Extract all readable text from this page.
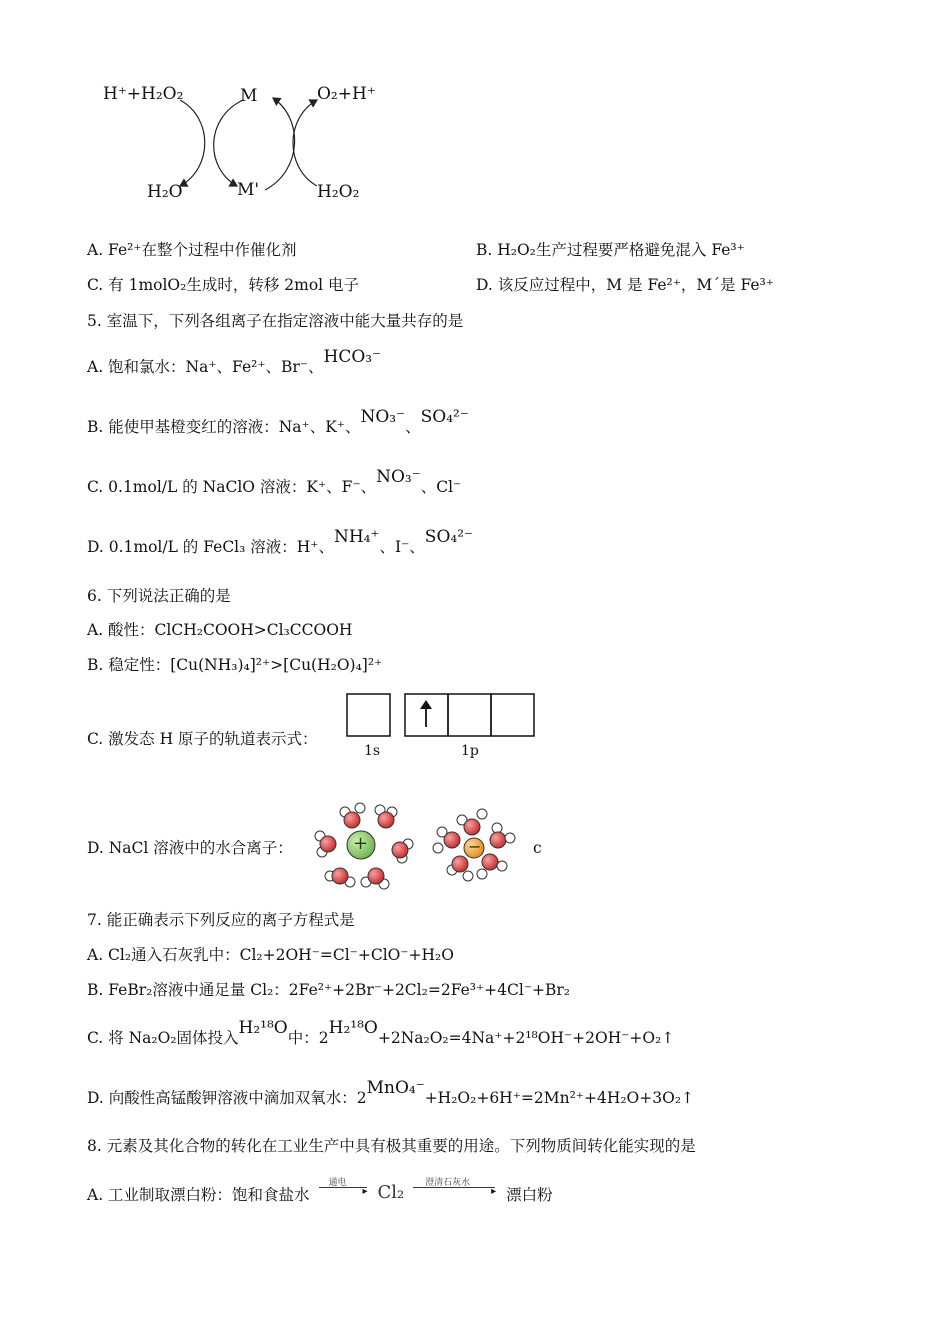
H⁺+H₂O₂	M	O₂+H⁺
H₂O	M'	H₂O₂
A. Fe²⁺在整个过程中作催化剂	B. H₂O₂生产过程要严格避免混入 Fe³⁺
C. 有 1molO₂生成时，转移 2mol 电子	D. 该反应过程中，M 是 Fe²⁺，M´是 Fe³⁺
5. 室温下，下列各组离子在指定溶液中能大量共存的是
A. 饱和氯水：Na⁺、Fe²⁺、Br⁻、HCO₃⁻
B. 能使甲基橙变红的溶液：Na⁺、K⁺、NO₃⁻、SO₄²⁻
C. 0.1mol/L 的 NaClO 溶液：K⁺、F⁻、NO₃⁻、Cl⁻
D. 0.1mol/L 的 FeCl₃ 溶液：H⁺、NH₄⁺、I⁻、SO₄²⁻
6. 下列说法正确的是
A. 酸性：ClCH₂COOH>Cl₃CCOOH
B. 稳定性：[Cu(NH₃)₄]²⁺>[Cu(H₂O)₄]²⁺
C. 激发态 H 原子的轨道表示式：
1s	1p
D. NaCl 溶液中的水合离子：	+	−	c
7. 能正确表示下列反应的离子方程式是
A. Cl₂通入石灰乳中：Cl₂+2OH⁻=Cl⁻+ClO⁻+H₂O
B. FeBr₂溶液中通足量 Cl₂：2Fe²⁺+2Br⁻+2Cl₂=2Fe³⁺+4Cl⁻+Br₂
C. 将 Na₂O₂固体投入H₂¹⁸O中：2H₂¹⁸O+2Na₂O₂=4Na⁺+2¹⁸OH⁻+2OH⁻+O₂↑
D. 向酸性高锰酸钾溶液中滴加双氧水：2MnO₄⁻+H₂O₂+6H⁺=2Mn²⁺+4H₂O+3O₂↑
8. 元素及其化合物的转化在工业生产中具有极其重要的用途。下列物质间转化能实现的是
A. 工业制取漂白粉：饱和食盐水
通电
▸ Cl₂ 澄清石灰水
▸ 漂白粉
